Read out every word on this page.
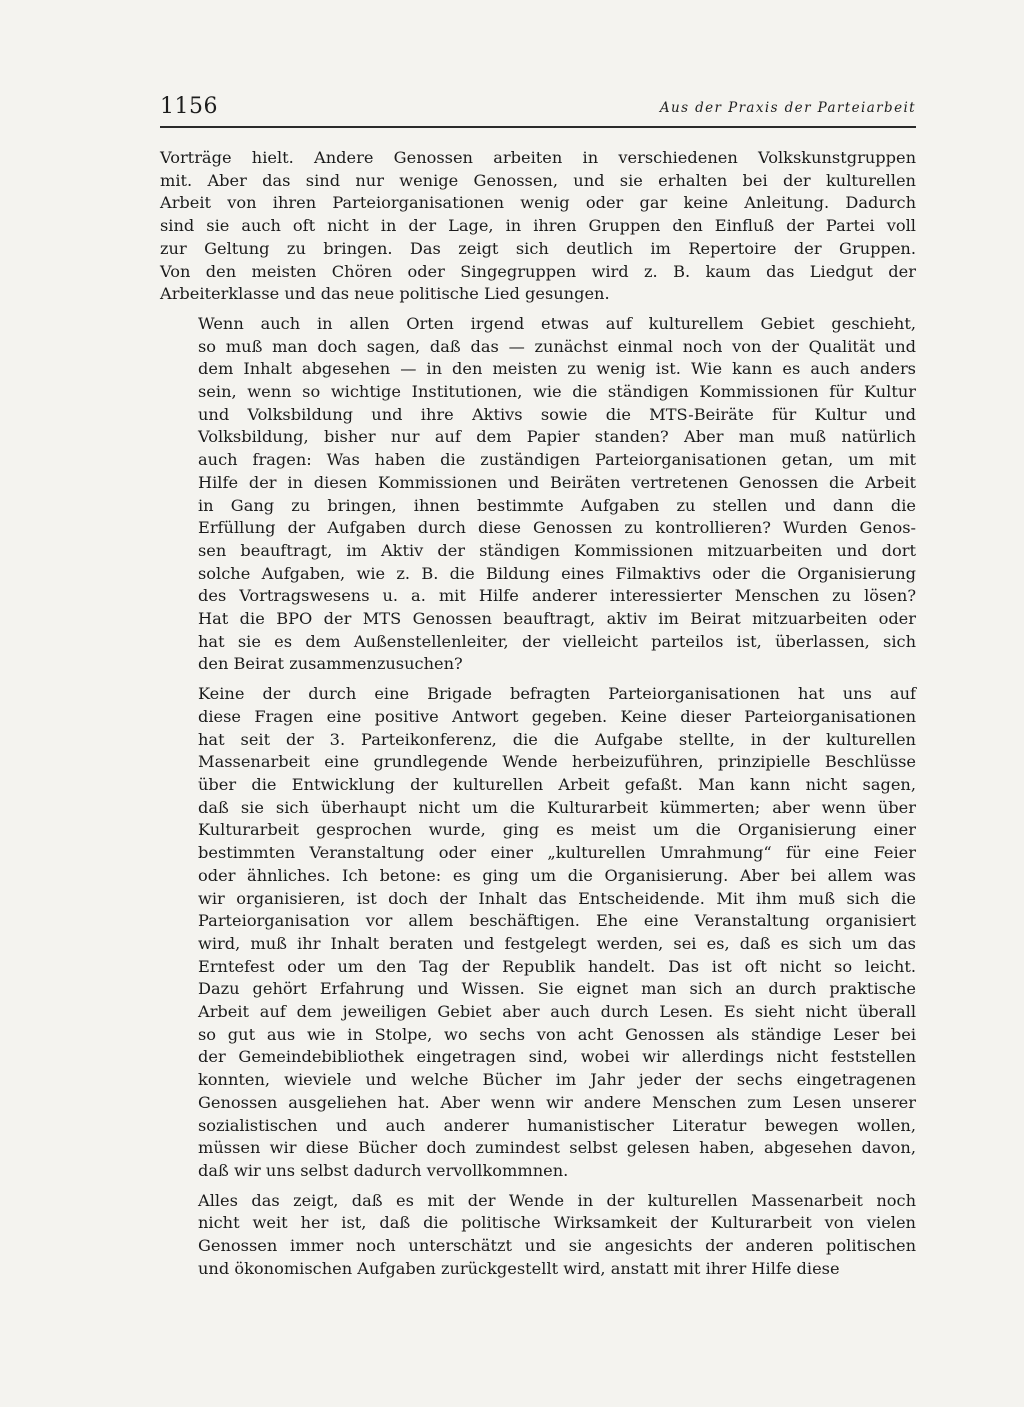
1156	Aus der Praxis der Parteiarbeit
Vorträge hielt. Andere Genossen arbeiten in verschiedenen Volkskunstgruppen
mit. Aber das sind nur wenige Genossen, und sie erhalten bei der kulturellen
Arbeit von ihren Parteiorganisationen wenig oder gar keine Anleitung. Dadurch
sind sie auch oft nicht in der Lage, in ihren Gruppen den Einfluß der Partei voll
zur Geltung zu bringen. Das zeigt sich deutlich im Repertoire der Gruppen.
Von den meisten Chören oder Singegruppen wird z. B. kaum das Liedgut der
Arbeiterklasse und das neue politische Lied gesungen.
Wenn auch in allen Orten irgend etwas auf kulturellem Gebiet geschieht,
so muß man doch sagen, daß das — zunächst einmal noch von der Qualität und
dem Inhalt abgesehen — in den meisten zu wenig ist. Wie kann es auch anders
sein, wenn so wichtige Institutionen, wie die ständigen Kommissionen für Kultur
und Volksbildung und ihre Aktivs sowie die MTS-Beiräte für Kultur und
Volksbildung, bisher nur auf dem Papier standen? Aber man muß natürlich
auch fragen: Was haben die zuständigen Parteiorganisationen getan, um mit
Hilfe der in diesen Kommissionen und Beiräten vertretenen Genossen die Arbeit
in Gang zu bringen, ihnen bestimmte Aufgaben zu stellen und dann die
Erfüllung der Aufgaben durch diese Genossen zu kontrollieren? Wurden Genos-
sen beauftragt, im Aktiv der ständigen Kommissionen mitzuarbeiten und dort
solche Aufgaben, wie z. B. die Bildung eines Filmaktivs oder die Organisierung
des Vortragswesens u. a. mit Hilfe anderer interessierter Menschen zu lösen?
Hat die BPO der MTS Genossen beauftragt, aktiv im Beirat mitzuarbeiten oder
hat sie es dem Außenstellenleiter, der vielleicht parteilos ist, überlassen, sich
den Beirat zusammenzusuchen?
Keine der durch eine Brigade befragten Parteiorganisationen hat uns auf
diese Fragen eine positive Antwort gegeben. Keine dieser Parteiorganisationen
hat seit der 3. Parteikonferenz, die die Aufgabe stellte, in der kulturellen
Massenarbeit eine grundlegende Wende herbeizuführen, prinzipielle Beschlüsse
über die Entwicklung der kulturellen Arbeit gefaßt. Man kann nicht sagen,
daß sie sich überhaupt nicht um die Kulturarbeit kümmerten; aber wenn über
Kulturarbeit gesprochen wurde, ging es meist um die Organisierung einer
bestimmten Veranstaltung oder einer „kulturellen Umrahmung“ für eine Feier
oder ähnliches. Ich betone: es ging um die Organisierung. Aber bei allem was
wir organisieren, ist doch der Inhalt das Entscheidende. Mit ihm muß sich die
Parteiorganisation vor allem beschäftigen. Ehe eine Veranstaltung organisiert
wird, muß ihr Inhalt beraten und festgelegt werden, sei es, daß es sich um das
Erntefest oder um den Tag der Republik handelt. Das ist oft nicht so leicht.
Dazu gehört Erfahrung und Wissen. Sie eignet man sich an durch praktische
Arbeit auf dem jeweiligen Gebiet aber auch durch Lesen. Es sieht nicht überall
so gut aus wie in Stolpe, wo sechs von acht Genossen als ständige Leser bei
der Gemeindebibliothek eingetragen sind, wobei wir allerdings nicht feststellen
konnten, wieviele und welche Bücher im Jahr jeder der sechs eingetragenen
Genossen ausgeliehen hat. Aber wenn wir andere Menschen zum Lesen unserer
sozialistischen und auch anderer humanistischer Literatur bewegen wollen,
müssen wir diese Bücher doch zumindest selbst gelesen haben, abgesehen davon,
daß wir uns selbst dadurch vervollkommnen.
Alles das zeigt, daß es mit der Wende in der kulturellen Massenarbeit noch
nicht weit her ist, daß die politische Wirksamkeit der Kulturarbeit von vielen
Genossen immer noch unterschätzt und sie angesichts der anderen politischen
und ökonomischen Aufgaben zurückgestellt wird, anstatt mit ihrer Hilfe diese
